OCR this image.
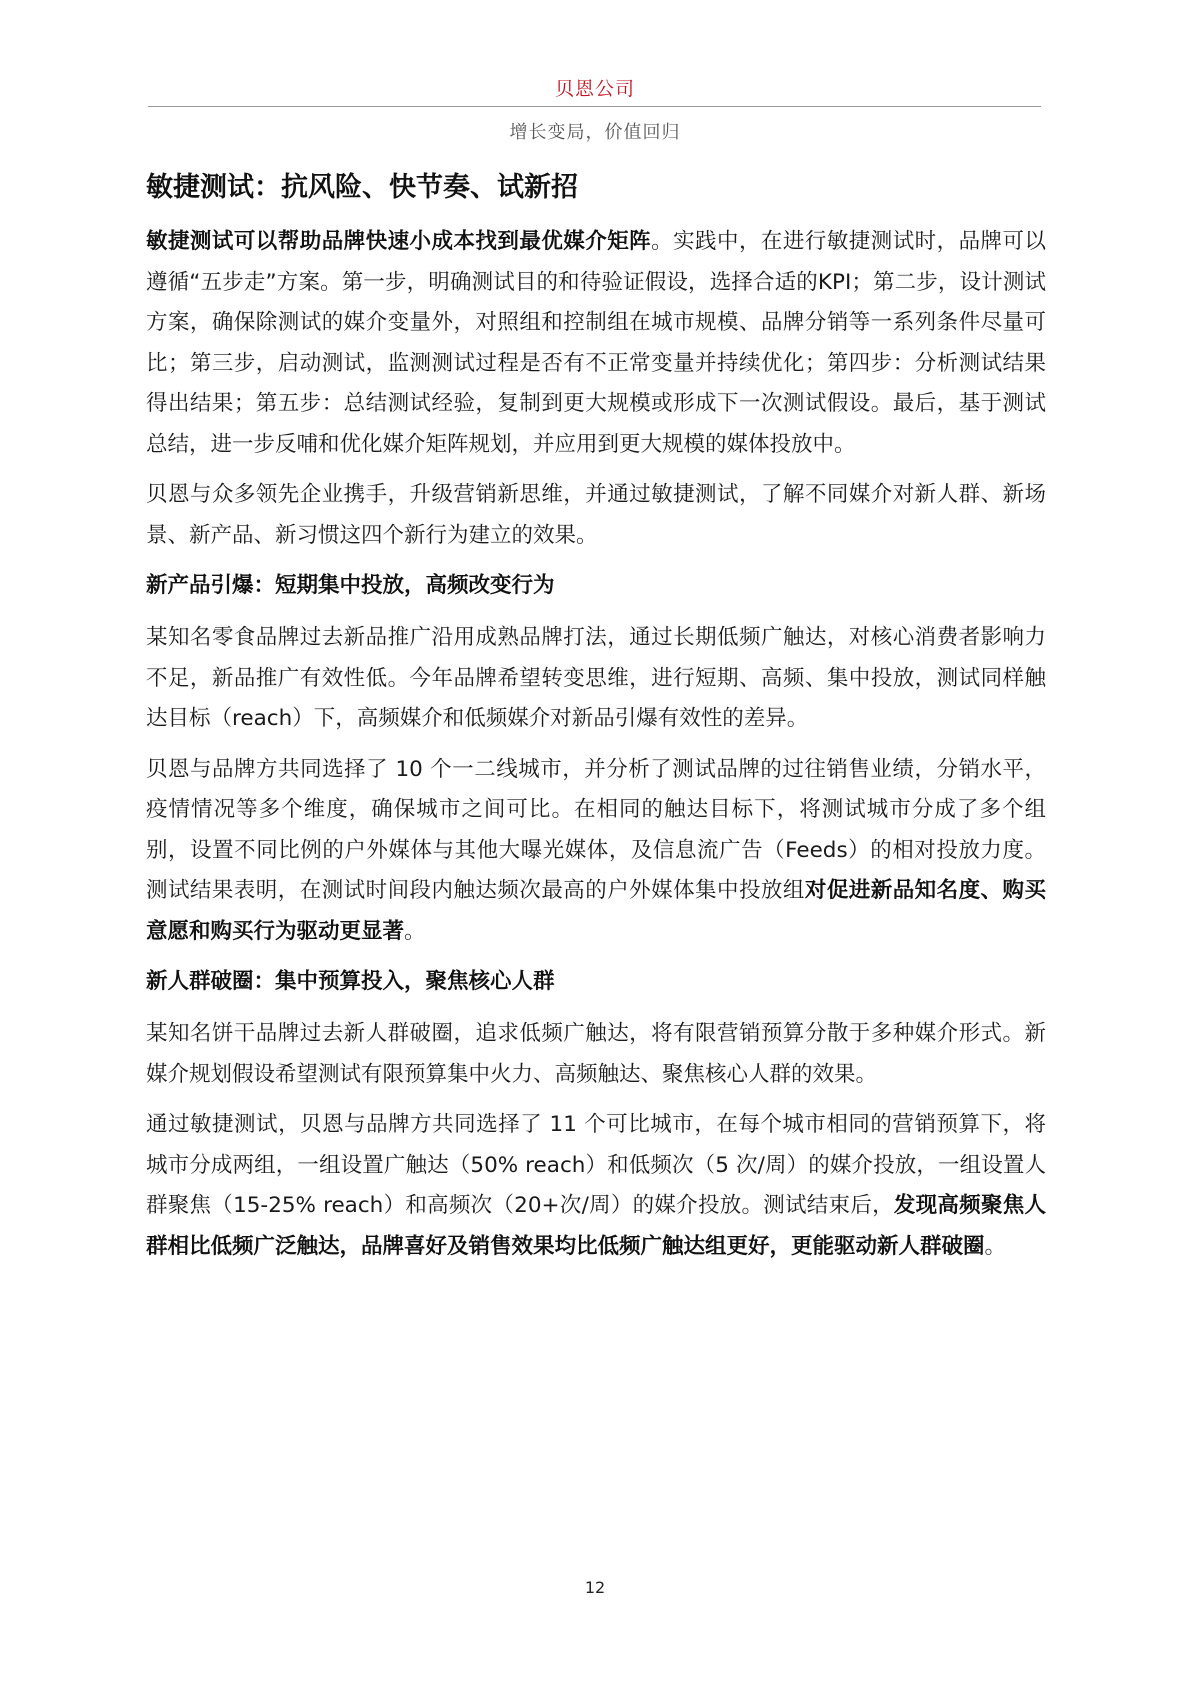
贝恩公司
增长变局，价值回归
敏捷测试：抗风险、快节奏、试新招

敏捷测试可以帮助品牌快速小成本找到最优媒介矩阵。实践中，在进行敏捷测试时，品牌可以遵循“五步走”方案。第一步，明确测试目的和待验证假设，选择合适的KPI；第二步，设计测试方案，确保除测试的媒介变量外，对照组和控制组在城市规模、品牌分销等一系列条件尽量可比；第三步，启动测试，监测测试过程是否有不正常变量并持续优化；第四步：分析测试结果得出结果；第五步：总结测试经验，复制到更大规模或形成下一次测试假设。最后，基于测试总结，进一步反哺和优化媒介矩阵规划，并应用到更大规模的媒体投放中。

贝恩与众多领先企业携手，升级营销新思维，并通过敏捷测试，了解不同媒介对新人群、新场景、新产品、新习惯这四个新行为建立的效果。

新产品引爆：短期集中投放，高频改变行为

某知名零食品牌过去新品推广沿用成熟品牌打法，通过长期低频广触达，对核心消费者影响力不足，新品推广有效性低。今年品牌希望转变思维，进行短期、高频、集中投放，测试同样触达目标（reach）下，高频媒介和低频媒介对新品引爆有效性的差异。

贝恩与品牌方共同选择了 10 个一二线城市，并分析了测试品牌的过往销售业绩，分销水平，疫情情况等多个维度，确保城市之间可比。在相同的触达目标下，将测试城市分成了多个组别，设置不同比例的户外媒体与其他大曝光媒体，及信息流广告（Feeds）的相对投放力度。测试结果表明，在测试时间段内触达频次最高的户外媒体集中投放组对促进新品知名度、购买意愿和购买行为驱动更显著。

新人群破圈：集中预算投入，聚焦核心人群

某知名饼干品牌过去新人群破圈，追求低频广触达，将有限营销预算分散于多种媒介形式。新媒介规划假设希望测试有限预算集中火力、高频触达、聚焦核心人群的效果。

通过敏捷测试，贝恩与品牌方共同选择了 11 个可比城市，在每个城市相同的营销预算下，将城市分成两组，一组设置广触达（50% reach）和低频次（5 次/周）的媒介投放，一组设置人群聚焦（15-25% reach）和高频次（20+次/周）的媒介投放。测试结束后，发现高频聚焦人群相比低频广泛触达，品牌喜好及销售效果均比低频广触达组更好，更能驱动新人群破圈。

12
